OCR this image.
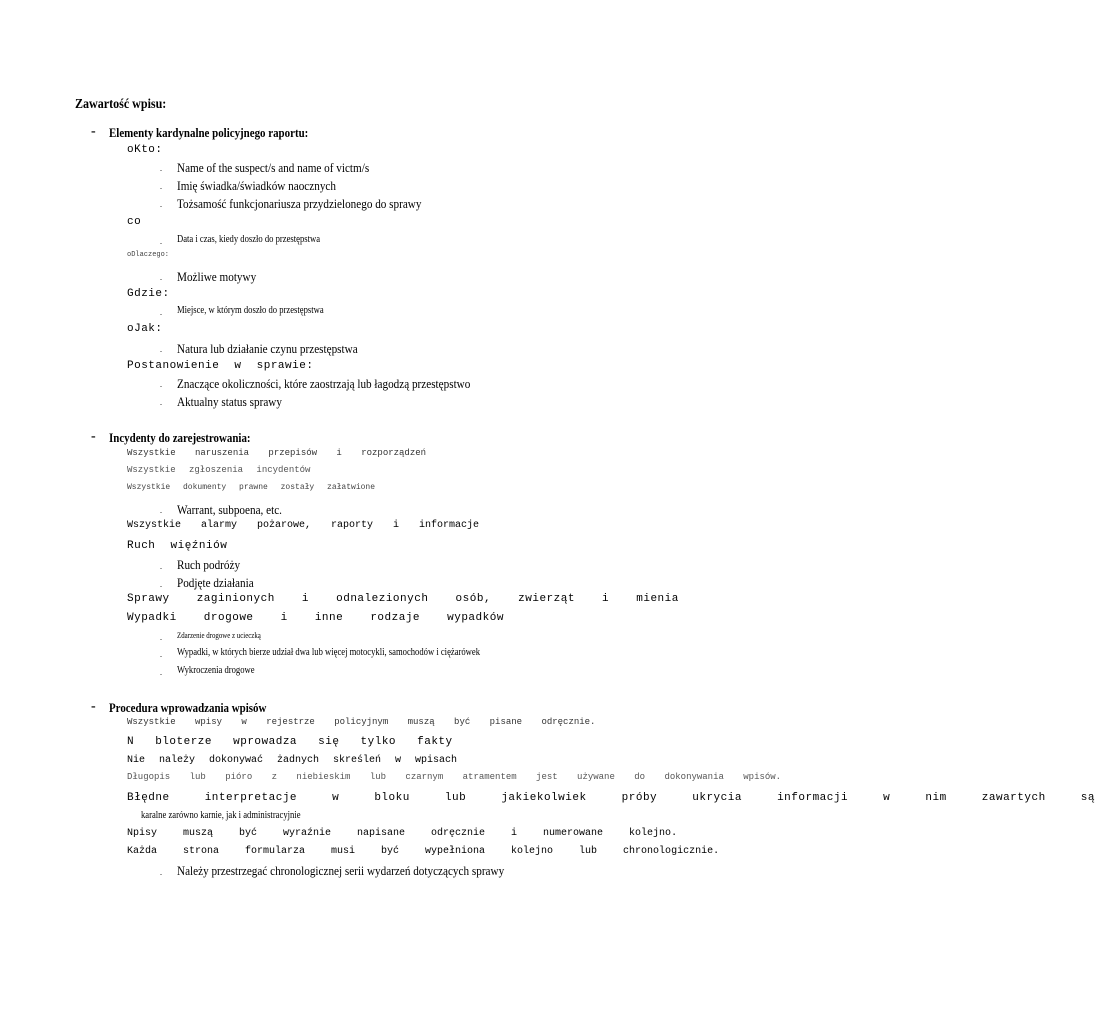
Zawartość wpisu:
- Elementy kardynalne policyjnego raportu:
oKto:
. Name of the suspect/s and name of victm/s
. Imię świadka/świadków naocznych
. Tożsamość funkcjonariusza przydzielonego do sprawy
co
. Data i czas, kiedy doszło do przestępstwa
oDlaczego:
. Możliwe motywy
Gdzie:
. Miejsce, w którym doszło do przestępstwa
oJak:
. Natura lub działanie czynu przestępstwa
Postanowienie w sprawie:
. Znaczące okoliczności, które zaostrzają lub łagodzą przestępstwo
. Aktualny status sprawy
- Incydenty do zarejestrowania:
Wszystkie naruszenia przepisów i rozporządzeń
Wszystkie zgłoszenia incydentów
Wszystkie dokumenty prawne zostały załatwione
. Warrant, subpoena, etc.
Wszystkie alarmy pożarowe, raporty i informacje
Ruch więźniów
. Ruch podróży
. Podjęte działania
Sprawy zaginionych i odnalezionych osób, zwierząt i mienia
Wypadki drogowe i inne rodzaje wypadków
. Zdarzenie drogowe z ucieczką
. Wypadki, w których bierze udział dwa lub więcej motocykli, samochodów i ciężarówek
. Wykroczenia drogowe
- Procedura wprowadzania wpisów
Wszystkie wpisy w rejestrze policyjnym muszą być pisane odręcznie.
N bloterze wprowadza się tylko fakty
Nie należy dokonywać żadnych skreśleń w wpisach
Długopis lub pióro z niebieskim lub czarnym atramentem jest używane do dokonywania wpisów.
Błędne interpretacje w bloku lub jakiekolwiek próby ukrycia informacji w nim zawartych są
karalne zarówno karnie, jak i administracyjnie
Npisy muszą być wyraźnie napisane odręcznie i numerowane kolejno.
Każda strona formularza musi być wypełniona kolejno lub chronologicznie.
. Należy przestrzegać chronologicznej serii wydarzeń dotyczących sprawy
